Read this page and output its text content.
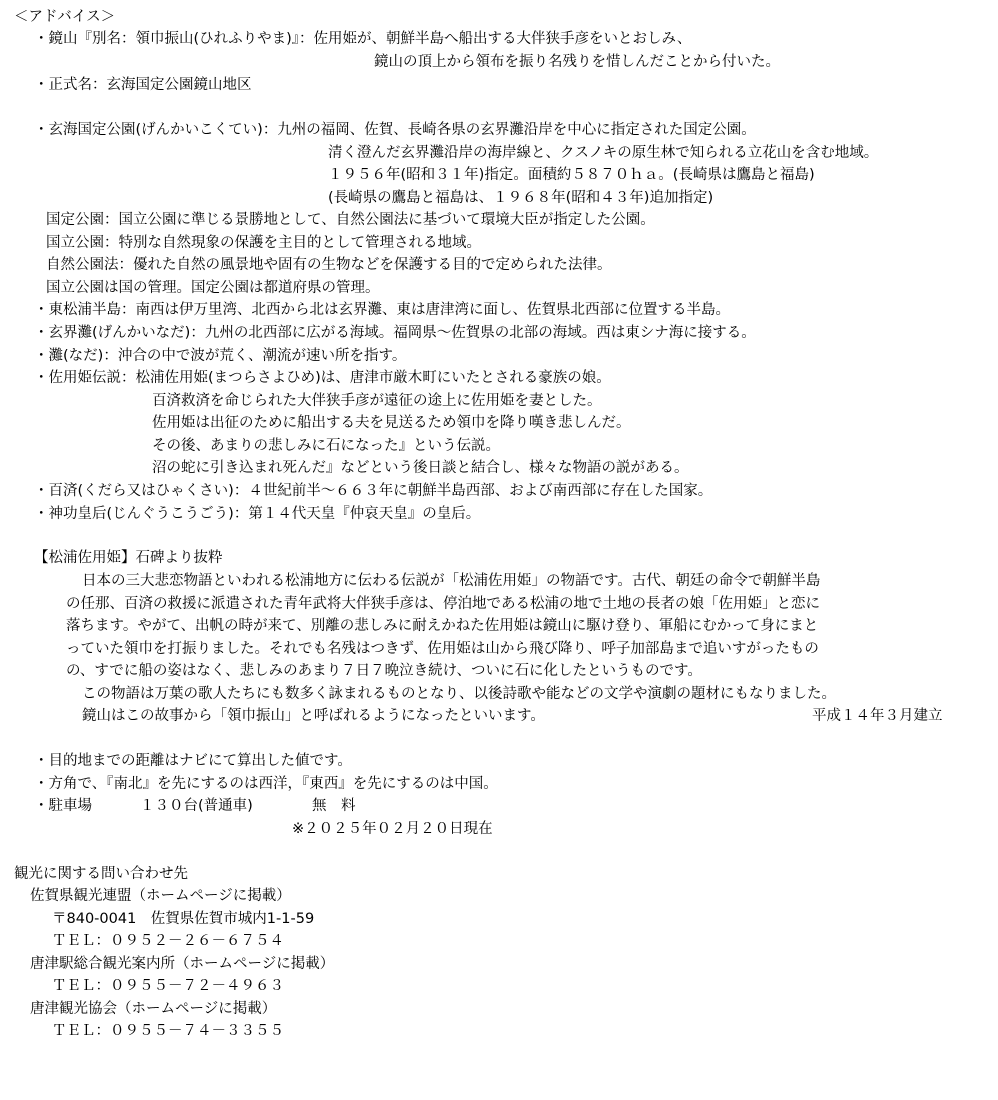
＜アドバイス＞
・鏡山『別名：領巾振山(ひれふりやま)』：佐用姫が、朝鮮半島へ船出する大伴狭手彦をいとおしみ、
鏡山の頂上から領布を振り名残りを惜しんだことから付いた。
・正式名：玄海国定公園鏡山地区
・玄海国定公園(げんかいこくてい)：九州の福岡、佐賀、長崎各県の玄界灘沿岸を中心に指定された国定公園。
清く澄んだ玄界灘沿岸の海岸線と、クスノキの原生林で知られる立花山を含む地域。
１９５６年(昭和３１年)指定。面積約５８７０ｈａ。(長崎県は鷹島と福島)
(長崎県の鷹島と福島は、１９６８年(昭和４３年)追加指定)
国定公園：国立公園に準じる景勝地として、自然公園法に基づいて環境大臣が指定した公園。
国立公園：特別な自然現象の保護を主目的として管理される地域。
自然公園法：優れた自然の風景地や固有の生物などを保護する目的で定められた法律。
国立公園は国の管理。国定公園は都道府県の管理。
・東松浦半島：南西は伊万里湾、北西から北は玄界灘、東は唐津湾に面し、佐賀県北西部に位置する半島。
・玄界灘(げんかいなだ)：九州の北西部に広がる海域。福岡県～佐賀県の北部の海域。西は東シナ海に接する。
・灘(なだ)：沖合の中で波が荒く、潮流が速い所を指す。
・佐用姫伝説：松浦佐用姫(まつらさよひめ)は、唐津市厳木町にいたとされる豪族の娘。
百済救済を命じられた大伴狭手彦が遠征の途上に佐用姫を妻とした。
佐用姫は出征のために船出する夫を見送るため領巾を降り嘆き悲しんだ。
その後、あまりの悲しみに石になった』という伝説。
沼の蛇に引き込まれ死んだ』などという後日談と結合し、様々な物語の説がある。
・百済(くだら又はひゃくさい)：４世紀前半～６６３年に朝鮮半島西部、および南西部に存在した国家。
・神功皇后(じんぐうこうごう)：第１４代天皇『仲哀天皇』の皇后。
【松浦佐用姫】石碑より抜粋
日本の三大悲恋物語といわれる松浦地方に伝わる伝説が「松浦佐用姫」の物語です。古代、朝廷の命令で朝鮮半島
の任那、百済の救援に派遣された青年武将大伴狭手彦は、停泊地である松浦の地で土地の長者の娘「佐用姫」と恋に
落ちます。やがて、出帆の時が来て、別離の悲しみに耐えかねた佐用姫は鏡山に駆け登り、軍船にむかって身にまと
っていた領巾を打振りました。それでも名残はつきず、佐用姫は山から飛び降り、呼子加部島まで追いすがったもの
の、すでに船の姿はなく、悲しみのあまり７日７晩泣き続け、ついに石に化したというものです。
この物語は万葉の歌人たちにも数多く詠まれるものとなり、以後詩歌や能などの文学や演劇の題材にもなりました。
鏡山はこの故事から「領巾振山」と呼ばれるようになったといいます。	平成１４年３月建立
・目的地までの距離はナビにて算出した値です。
・方角で、『南北』を先にするのは西洋，『東西』を先にするのは中国。
・駐車場	１３０台(普通車)	無　料
※２０２５年０２月２０日現在
観光に関する問い合わせ先
佐賀県観光連盟（ホームページに掲載）
〒840-0041　佐賀県佐賀市城内1-1-59
ＴＥＬ：０９５２－２６－６７５４
唐津駅総合観光案内所（ホームページに掲載）
ＴＥＬ：０９５５－７２－４９６３
唐津観光協会（ホームページに掲載）
ＴＥＬ：０９５５－７４－３３５５
